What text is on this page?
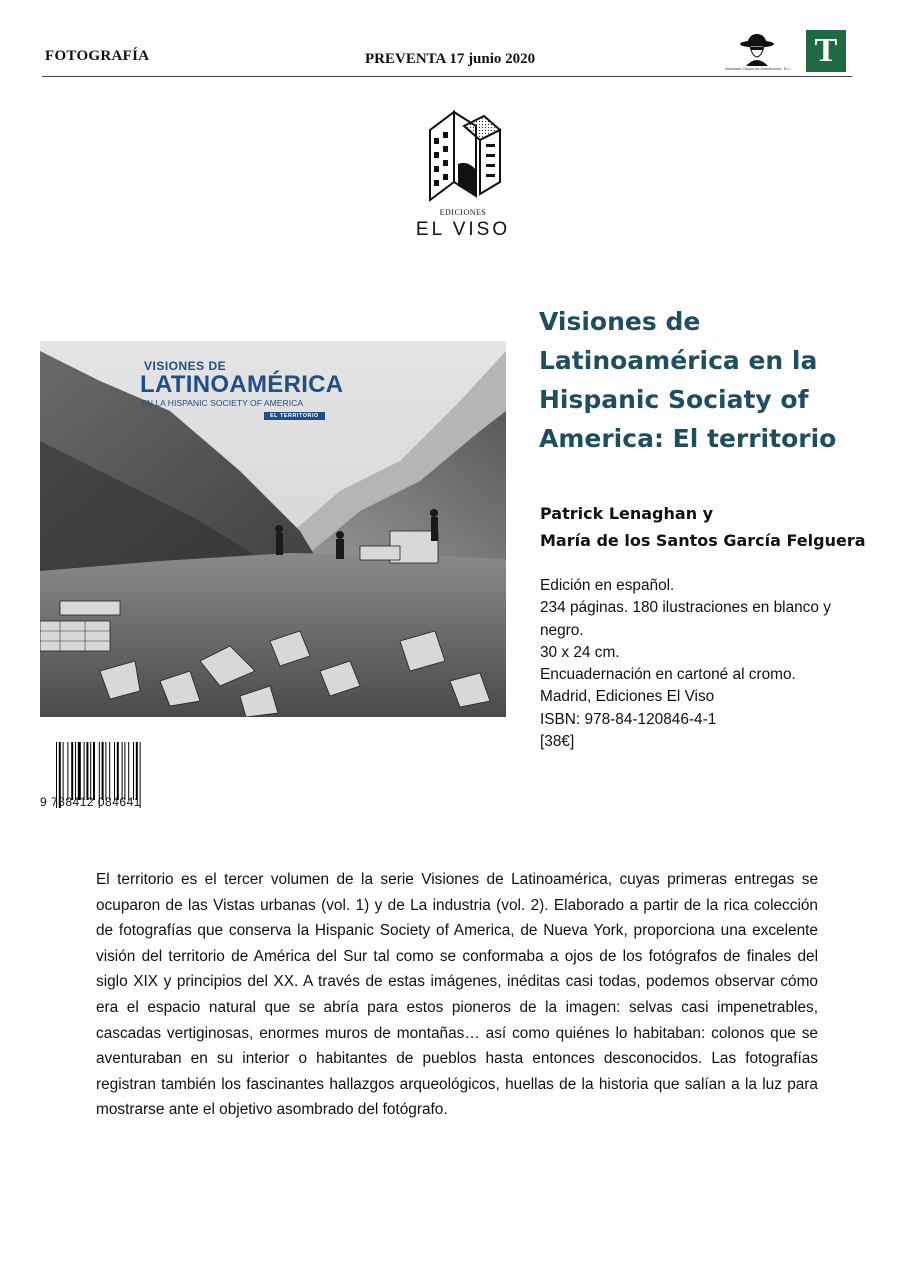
FOTOGRAFÍA	PREVENTA 17 junio 2020
Machado Grupo de Distribución, S.L. T
EDICIONES
EL VISO
VISIONES DE
LATINOAMÉRICA
EN LA HISPANIC SOCIETY OF AMERICA
EL TERRITORIO
9 788412 084641
Visiones de Latinoamérica en la Hispanic Sociaty of America: El territorio
Patrick Lenaghan y
María de los Santos García Felguera
Edición en español.
234 páginas. 180 ilustraciones en blanco y negro.
30 x 24 cm.
Encuadernación en cartoné al cromo.
Madrid, Ediciones El Viso
ISBN: 978-84-120846-4-1
[38€]
El territorio es el tercer volumen de la serie Visiones de Latinoamérica, cuyas primeras entregas se ocuparon de las Vistas urbanas (vol. 1) y de La industria (vol. 2). Elaborado a partir de la rica colección de fotografías que conserva la Hispanic Society of America, de Nueva York, proporciona una excelente visión del territorio de América del Sur tal como se conformaba a ojos de los fotógrafos de finales del siglo XIX y principios del XX. A través de estas imágenes, inéditas casi todas, podemos observar cómo era el espacio natural que se abría para estos pioneros de la imagen: selvas casi impenetrables, cascadas vertiginosas, enormes muros de montañas… así como quiénes lo habitaban: colonos que se aventuraban en su interior o habitantes de pueblos hasta entonces desconocidos. Las fotografías registran también los fascinantes hallazgos arqueológicos, huellas de la historia que salían a la luz para mostrarse ante el objetivo asombrado del fotógrafo.
